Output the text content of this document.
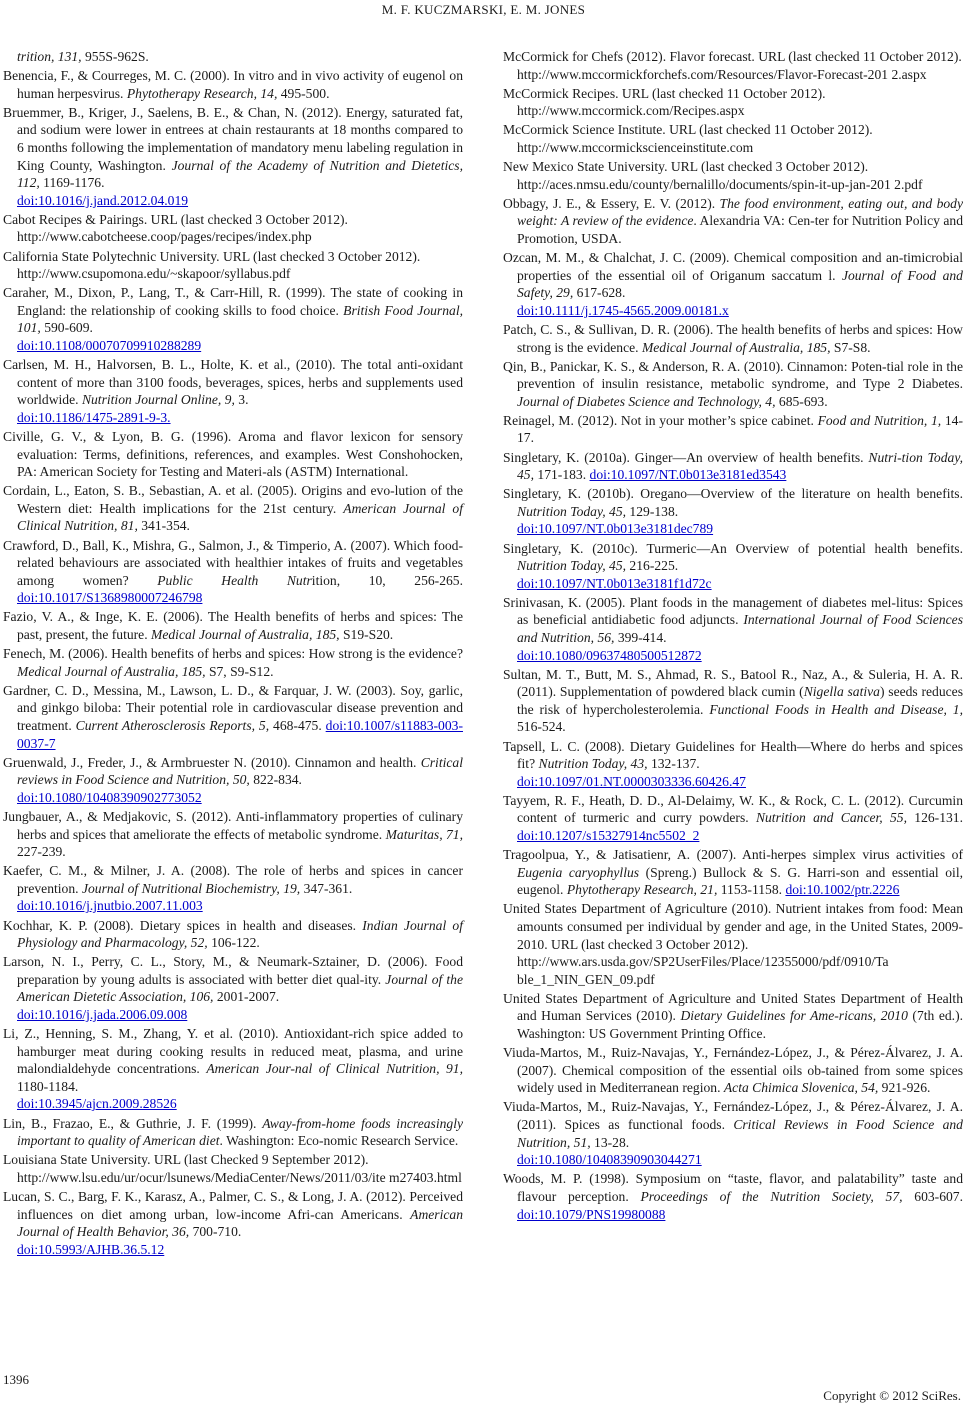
M. F. KUCZMARSKI, E. M. JONES

trition, 131, 955S-962S.

Benencia, F., & Courreges, M. C. (2000). In vitro and in vivo activity of eugenol on human herpesvirus. Phytotherapy Research, 14, 495-500.

Bruemmer, B., Kriger, J., Saelens, B. E., & Chan, N. (2012). Energy, saturated fat, and sodium were lower in entrees at chain restaurants at 18 months compared to 6 months following the implementation of mandatory menu labeling regulation in King County, Washington. Journal of the Academy of Nutrition and Dietetics, 112, 1169-1176.
doi:10.1016/j.jand.2012.04.019

Cabot Recipes & Pairings. URL (last checked 3 October 2012).
http://www.cabotcheese.coop/pages/recipes/index.php

California State Polytechnic University. URL (last checked 3 October 2012).
http://www.csupomona.edu/~skapoor/syllabus.pdf

Caraher, M., Dixon, P., Lang, T., & Carr-Hill, R. (1999). The state of cooking in England: the relationship of cooking skills to food choice. British Food Journal, 101, 590-609.
doi:10.1108/00070709910288289

Carlsen, M. H., Halvorsen, B. L., Holte, K. et al., (2010). The total anti-oxidant content of more than 3100 foods, beverages, spices, herbs and supplements used worldwide. Nutrition Journal Online, 9, 3.
doi:10.1186/1475-2891-9-3.

Civille, G. V., & Lyon, B. G. (1996). Aroma and flavor lexicon for sensory evaluation: Terms, definitions, references, and examples. West Conshohocken, PA: American Society for Testing and Materi-als (ASTM) International.

Cordain, L., Eaton, S. B., Sebastian, A. et al. (2005). Origins and evo-lution of the Western diet: Health implications for the 21st century. American Journal of Clinical Nutrition, 81, 341-354.

Crawford, D., Ball, K., Mishra, G., Salmon, J., & Timperio, A. (2007). Which food-related behaviours are associated with healthier intakes of fruits and vegetables among women? Public Health Nutrition, 10, 256-265. doi:10.1017/S1368980007246798

Fazio, V. A., & Inge, K. E. (2006). The Health benefits of herbs and spices: The past, present, the future. Medical Journal of Australia, 185, S19-S20.

Fenech, M. (2006). Health benefits of herbs and spices: How strong is the evidence? Medical Journal of Australia, 185, S7, S9-S12.

Gardner, C. D., Messina, M., Lawson, L. D., & Farquar, J. W. (2003). Soy, garlic, and ginkgo biloba: Their potential role in cardiovascular disease prevention and treatment. Current Atherosclerosis Reports, 5, 468-475. doi:10.1007/s11883-003-0037-7

Gruenwald, J., Freder, J., & Armbruester N. (2010). Cinnamon and health. Critical reviews in Food Science and Nutrition, 50, 822-834.
doi:10.1080/10408390902773052

Jungbauer, A., & Medjakovic, S. (2012). Anti-inflammatory properties of culinary herbs and spices that ameliorate the effects of metabolic syndrome. Maturitas, 71, 227-239.

Kaefer, C. M., & Milner, J. A. (2008). The role of herbs and spices in cancer prevention. Journal of Nutritional Biochemistry, 19, 347-361.
doi:10.1016/j.jnutbio.2007.11.003

Kochhar, K. P. (2008). Dietary spices in health and diseases. Indian Journal of Physiology and Pharmacology, 52, 106-122.

Larson, N. I., Perry, C. L., Story, M., & Neumark-Sztainer, D. (2006). Food preparation by young adults is associated with better diet qual-ity. Journal of the American Dietetic Association, 106, 2001-2007.
doi:10.1016/j.jada.2006.09.008

Li, Z., Henning, S. M., Zhang, Y. et al. (2010). Antioxidant-rich spice added to hamburger meat during cooking results in reduced meat, plasma, and urine malondialdehyde concentrations. American Jour-nal of Clinical Nutrition, 91, 1180-1184.
doi:10.3945/ajcn.2009.28526

Lin, B., Frazao, E., & Guthrie, J. F. (1999). Away-from-home foods increasingly important to quality of American diet. Washington: Eco-nomic Research Service.

Louisiana State University. URL (last Checked 9 September 2012).
http://www.lsu.edu/ur/ocur/lsunews/MediaCenter/News/2011/03/ite m27403.html

Lucan, S. C., Barg, F. K., Karasz, A., Palmer, C. S., & Long, J. A. (2012). Perceived influences on diet among urban, low-income Afri-can Americans. American Journal of Health Behavior, 36, 700-710.
doi:10.5993/AJHB.36.5.12

McCormick for Chefs (2012). Flavor forecast. URL (last checked 11 October 2012).
http://www.mccormickforchefs.com/Resources/Flavor-Forecast-201 2.aspx

McCormick Recipes. URL (last checked 11 October 2012).
http://www.mccormick.com/Recipes.aspx

McCormick Science Institute. URL (last checked 11 October 2012).
http://www.mccormickscienceinstitute.com

New Mexico State University. URL (last checked 3 October 2012).
http://aces.nmsu.edu/county/bernalillo/documents/spin-it-up-jan-201 2.pdf

Obbagy, J. E., & Essery, E. V. (2012). The food environment, eating out, and body weight: A review of the evidence. Alexandria VA: Cen-ter for Nutrition Policy and Promotion, USDA.

Ozcan, M. M., & Chalchat, J. C. (2009). Chemical composition and an-timicrobial properties of the essential oil of Origanum saccatum l. Journal of Food and Safety, 29, 617-628.
doi:10.1111/j.1745-4565.2009.00181.x

Patch, C. S., & Sullivan, D. R. (2006). The health benefits of herbs and spices: How strong is the evidence. Medical Journal of Australia, 185, S7-S8.

Qin, B., Panickar, K. S., & Anderson, R. A. (2010). Cinnamon: Poten-tial role in the prevention of insulin resistance, metabolic syndrome, and Type 2 Diabetes. Journal of Diabetes Science and Technology, 4, 685-693.

Reinagel, M. (2012). Not in your mother’s spice cabinet. Food and Nutrition, 1, 14-17.

Singletary, K. (2010a). Ginger—An overview of health benefits. Nutri-tion Today, 45, 171-183. doi:10.1097/NT.0b013e3181ed3543

Singletary, K. (2010b). Oregano—Overview of the literature on health benefits. Nutrition Today, 45, 129-138.
doi:10.1097/NT.0b013e3181dec789

Singletary, K. (2010c). Turmeric—An Overview of potential health benefits. Nutrition Today, 45, 216-225.
doi:10.1097/NT.0b013e3181f1d72c

Srinivasan, K. (2005). Plant foods in the management of diabetes mel-litus: Spices as beneficial antidiabetic food adjuncts. International Journal of Food Sciences and Nutrition, 56, 399-414.
doi:10.1080/09637480500512872

Sultan, M. T., Butt, M. S., Ahmad, R. S., Batool R., Naz, A., & Suleria, H. A. R. (2011). Supplementation of powdered black cumin (Nigella sativa) seeds reduces the risk of hypercholesterolemia. Functional Foods in Health and Disease, 1, 516-524.

Tapsell, L. C. (2008). Dietary Guidelines for Health—Where do herbs and spices fit? Nutrition Today, 43, 132-137.
doi:10.1097/01.NT.0000303336.60426.47

Tayyem, R. F., Heath, D. D., Al-Delaimy, W. K., & Rock, C. L. (2012). Curcumin content of turmeric and curry powders. Nutrition and Cancer, 55, 126-131. doi:10.1207/s15327914nc5502_2

Tragoolpua, Y., & Jatisatienr, A. (2007). Anti-herpes simplex virus activities of Eugenia caryophyllus (Spreng.) Bullock & S. G. Harri-son and essential oil, eugenol. Phytotherapy Research, 21, 1153-1158. doi:10.1002/ptr.2226

United States Department of Agriculture (2010). Nutrient intakes from food: Mean amounts consumed per individual by gender and age, in the United States, 2009-2010. URL (last checked 3 October 2012).
http://www.ars.usda.gov/SP2UserFiles/Place/12355000/pdf/0910/Ta ble_1_NIN_GEN_09.pdf

United States Department of Agriculture and United States Department of Health and Human Services (2010). Dietary Guidelines for Ame-ricans, 2010 (7th ed.). Washington: US Government Printing Office.

Viuda-Martos, M., Ruiz-Navajas, Y., Fernández-López, J., & Pérez-Álvarez, J. A. (2007). Chemical composition of the essential oils ob-tained from some spices widely used in Mediterranean region. Acta Chimica Slovenica, 54, 921-926.

Viuda-Martos, M., Ruiz-Navajas, Y., Fernández-López, J., & Pérez-Álvarez, J. A. (2011). Spices as functional foods. Critical Reviews in Food Science and Nutrition, 51, 13-28.
doi:10.1080/10408390903044271

Woods, M. P. (1998). Symposium on “taste, flavor, and palatability” taste and flavour perception. Proceedings of the Nutrition Society, 57, 603-607. doi:10.1079/PNS19980088

1396
Copyright © 2012 SciRes.
